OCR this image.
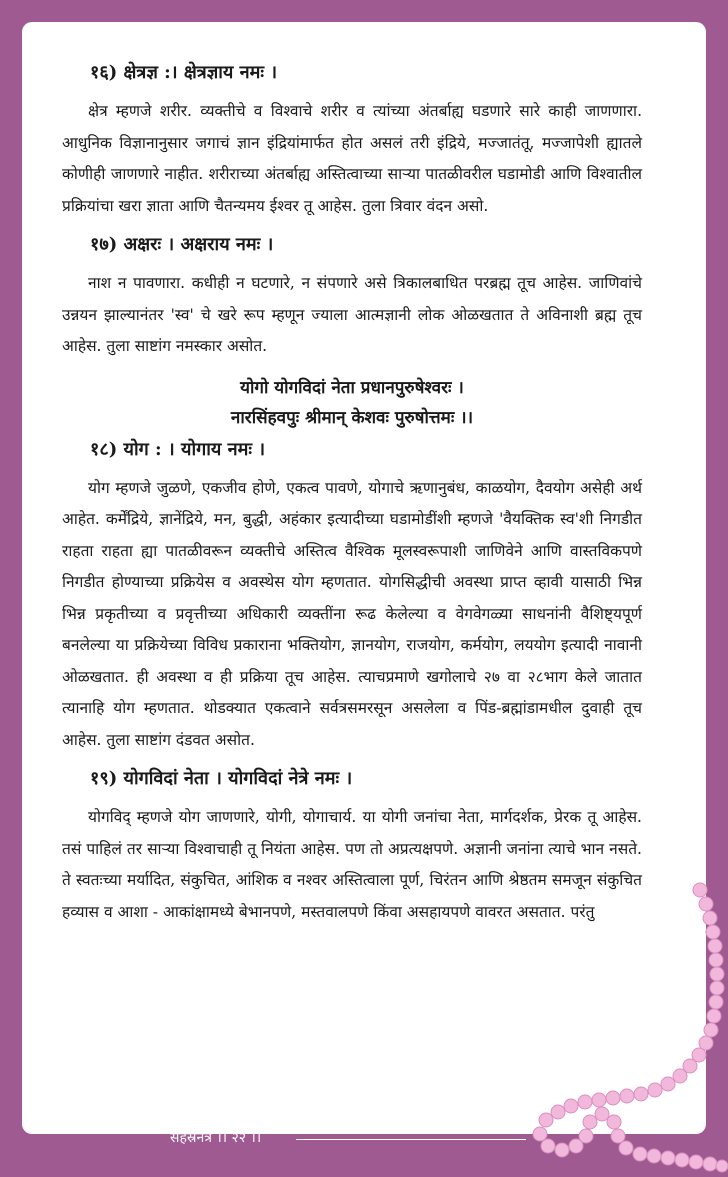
१६) क्षेत्रज्ञ :। क्षेत्रज्ञाय नमः ।

क्षेत्र म्हणजे शरीर. व्यक्तीचे व विश्वाचे शरीर व त्यांच्या अंतर्बाह्य घडणारे सारे काही जाणणारा. आधुनिक विज्ञानानुसार जगाचं ज्ञान इंद्रियांमार्फत होत असलं तरी इंद्रिये, मज्जातंतू, मज्जापेशी ह्यातले कोणीही जाणणारे नाहीत. शरीराच्या अंतर्बाह्य अस्तित्वाच्या साऱ्या पातळीवरील घडामोडी आणि विश्वातील प्रक्रियांचा खरा ज्ञाता आणि चैतन्यमय ईश्वर तू आहेस. तुला त्रिवार वंदन असो.

१७) अक्षरः । अक्षराय नमः ।

नाश न पावणारा. कधीही न घटणारे, न संपणारे असे त्रिकालबाधित परब्रह्म तूच आहेस. जाणिवांचे उन्नयन झाल्यानंतर 'स्व' चे खरे रूप म्हणून ज्याला आत्मज्ञानी लोक ओळखतात ते अविनाशी ब्रह्म तूच आहेस. तुला साष्टांग नमस्कार असोत.

योगो योगविदां नेता प्रधानपुरुषेश्वरः ।
नारसिंहवपुः श्रीमान् केशवः पुरुषोत्तमः ।।
१८) योग : । योगाय नमः ।

योग म्हणजे जुळणे, एकजीव होणे, एकत्व पावणे, योगाचे ऋणानुबंध, काळयोग, दैवयोग असेही अर्थ आहेत. कर्मेंद्रिये, ज्ञानेंद्रिये, मन, बुद्धी, अहंकार इत्यादीच्या घडामोडींशी म्हणजे 'वैयक्तिक स्व'शी निगडीत राहता राहता ह्या पातळीवरून व्यक्तीचे अस्तित्व वैश्विक मूलस्वरूपाशी जाणिवेने आणि वास्तविकपणे निगडीत होण्याच्या प्रक्रियेस व अवस्थेस योग म्हणतात. योगसिद्धीची अवस्था प्राप्त व्हावी यासाठी भिन्न भिन्न प्रकृतीच्या व प्रवृत्तीच्या अधिकारी व्यक्तींना रूढ केलेल्या व वेगवेगळ्या साधनांनी वैशिष्ट्यपूर्ण बनलेल्या या प्रक्रियेच्या विविध प्रकाराना भक्तियोग, ज्ञानयोग, राजयोग, कर्मयोग, लययोग इत्यादी नावानी ओळखतात. ही अवस्था व ही प्रक्रिया तूच आहेस. त्याचप्रमाणे खगोलाचे २७ वा २८भाग केले जातात त्यानाहि योग म्हणतात. थोडक्यात एकत्वाने सर्वत्रसमरसून असलेला व पिंड-ब्रह्मांडामधील दुवाही तूच आहेस. तुला साष्टांग दंडवत असोत.

१९) योगविदां नेता । योगविदां नेत्रे नमः ।

योगविद् म्हणजे योग जाणणारे, योगी, योगाचार्य. या योगी जनांचा नेता, मार्गदर्शक, प्रेरक तू आहेस. तसं पाहिलं तर साऱ्या विश्वाचाही तू नियंता आहेस. पण तो अप्रत्यक्षपणे. अज्ञानी जनांना त्याचे भान नसते. ते स्वतःच्या मर्यादित, संकुचित, आंशिक व नश्वर अस्तित्वाला पूर्ण, चिरंतन आणि श्रेष्ठतम समजून संकुचित हव्यास व आशा - आकांक्षामध्ये बेभानपणे, मस्तवालपणे किंवा असहायपणे वावरत असतात. परंतु

सहस्रनेत्र ।। २२ ।।
